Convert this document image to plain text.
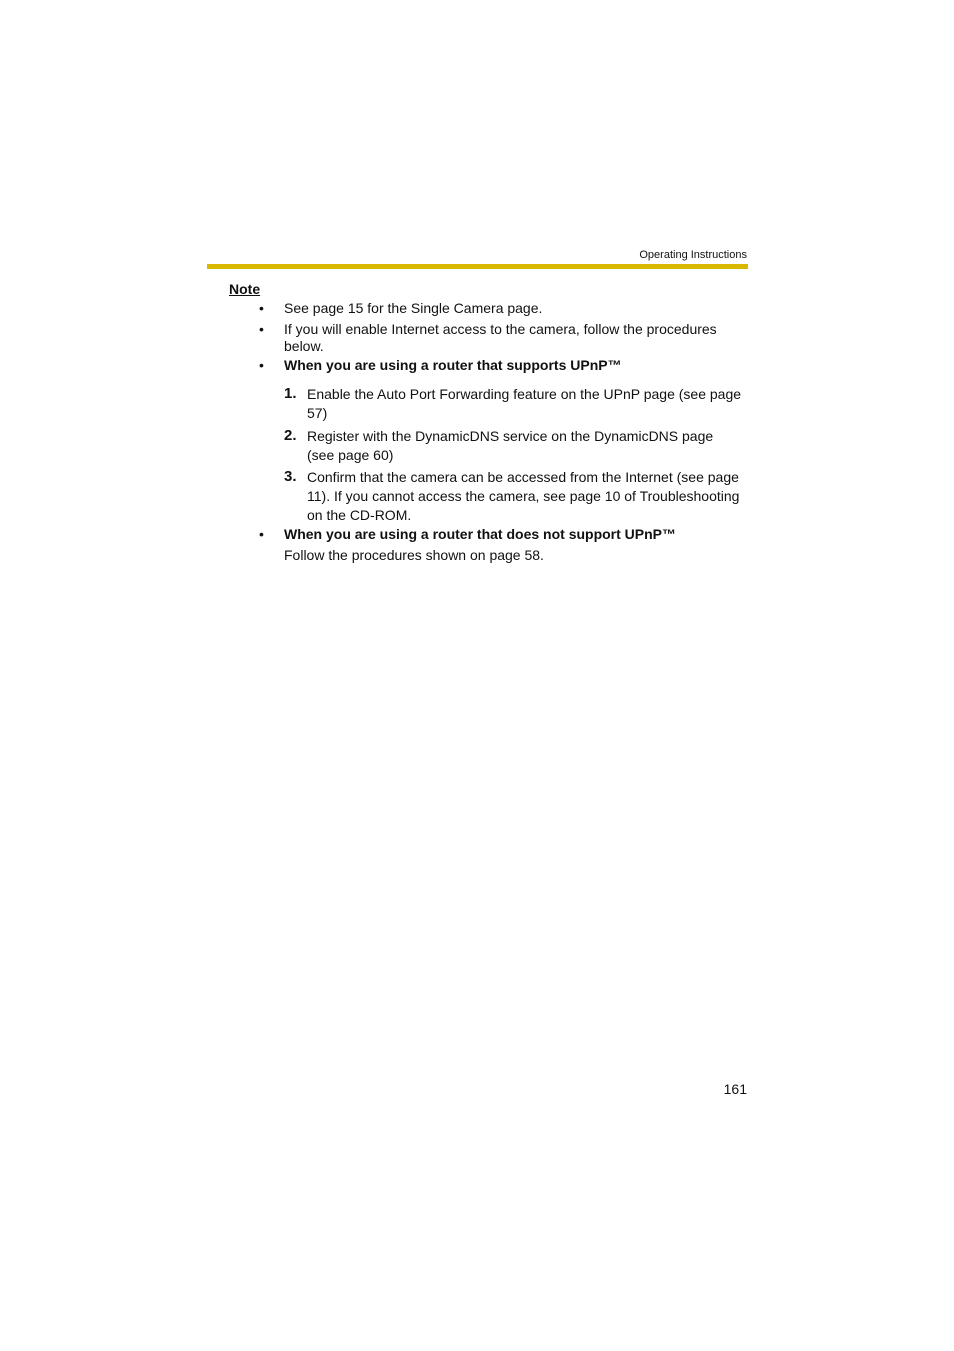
Operating Instructions
Note
• See page 15 for the Single Camera page.
• If you will enable Internet access to the camera, follow the procedures below.
• When you are using a router that supports UPnP™
1. Enable the Auto Port Forwarding feature on the UPnP page (see page 57)
2. Register with the DynamicDNS service on the DynamicDNS page (see page 60)
3. Confirm that the camera can be accessed from the Internet (see page 11). If you cannot access the camera, see page 10 of Troubleshooting on the CD-ROM.
• When you are using a router that does not support UPnP™
Follow the procedures shown on page 58.
161
